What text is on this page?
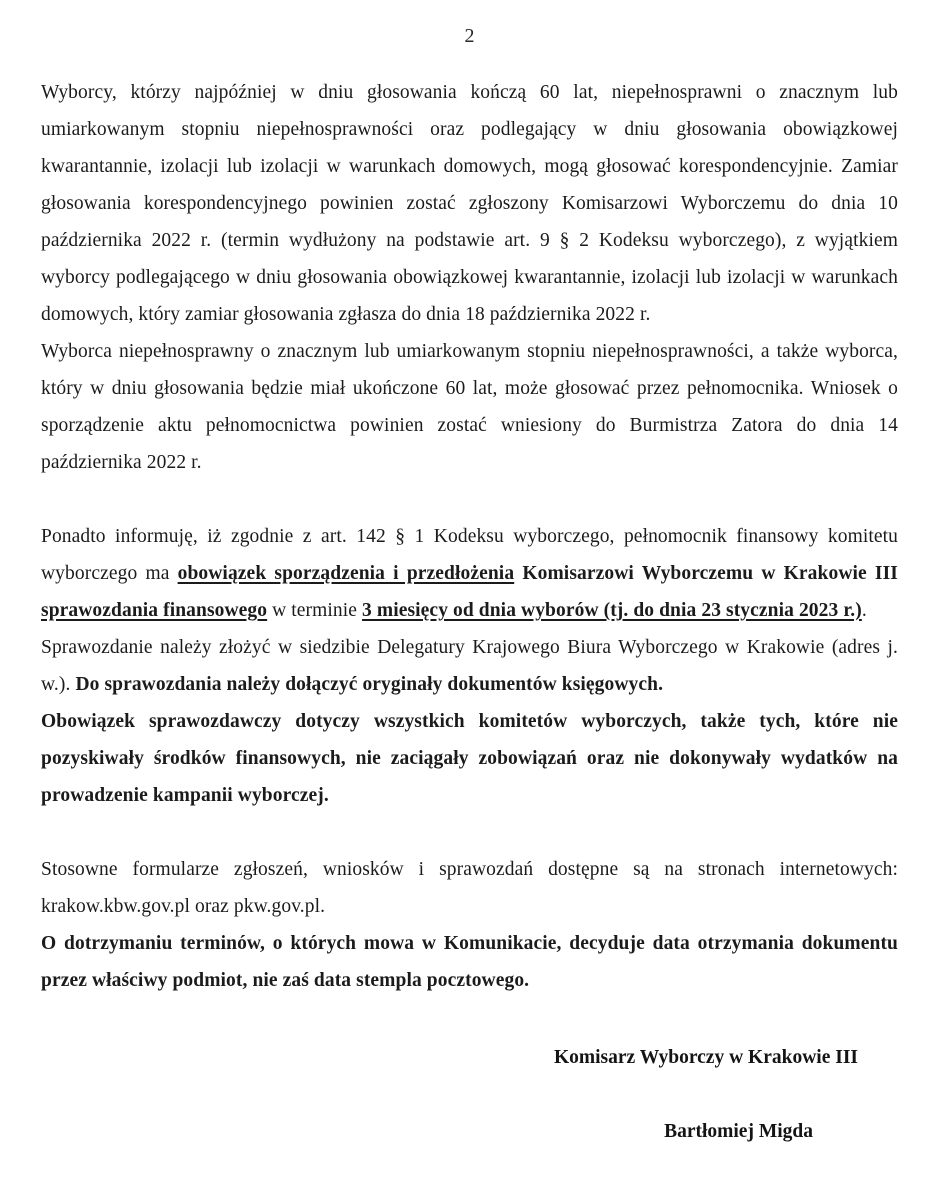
2

Wyborcy, którzy najpóźniej w dniu głosowania kończą 60 lat, niepełnosprawni o znacznym lub umiarkowanym stopniu niepełnosprawności oraz podlegający w dniu głosowania obowiązkowej kwarantannie, izolacji lub izolacji w warunkach domowych, mogą głosować korespondencyjnie. Zamiar głosowania korespondencyjnego powinien zostać zgłoszony Komisarzowi Wyborczemu do dnia 10 października 2022 r. (termin wydłużony na podstawie art. 9 § 2 Kodeksu wyborczego), z wyjątkiem wyborcy podlegającego w dniu głosowania obowiązkowej kwarantannie, izolacji lub izolacji w warunkach domowych, który zamiar głosowania zgłasza do dnia 18 października 2022 r.

Wyborca niepełnosprawny o znacznym lub umiarkowanym stopniu niepełnosprawności, a także wyborca, który w dniu głosowania będzie miał ukończone 60 lat, może głosować przez pełnomocnika. Wniosek o sporządzenie aktu pełnomocnictwa powinien zostać wniesiony do Burmistrza Zatora do dnia 14 października 2022 r.

Ponadto informuję, iż zgodnie z art. 142 § 1 Kodeksu wyborczego, pełnomocnik finansowy komitetu wyborczego ma obowiązek sporządzenia i przedłożenia Komisarzowi Wyborczemu w Krakowie III sprawozdania finansowego w terminie 3 miesięcy od dnia wyborów (tj. do dnia 23 stycznia 2023 r.).

Sprawozdanie należy złożyć w siedzibie Delegatury Krajowego Biura Wyborczego w Krakowie (adres j. w.). Do sprawozdania należy dołączyć oryginały dokumentów księgowych.

Obowiązek sprawozdawczy dotyczy wszystkich komitetów wyborczych, także tych, które nie pozyskiwały środków finansowych, nie zaciągały zobowiązań oraz nie dokonywały wydatków na prowadzenie kampanii wyborczej.

Stosowne formularze zgłoszeń, wniosków i sprawozdań dostępne są na stronach internetowych: krakow.kbw.gov.pl oraz pkw.gov.pl.

O dotrzymaniu terminów, o których mowa w Komunikacie, decyduje data otrzymania dokumentu przez właściwy podmiot, nie zaś data stempla pocztowego.

Komisarz Wyborczy w Krakowie III
Bartłomiej Migda
